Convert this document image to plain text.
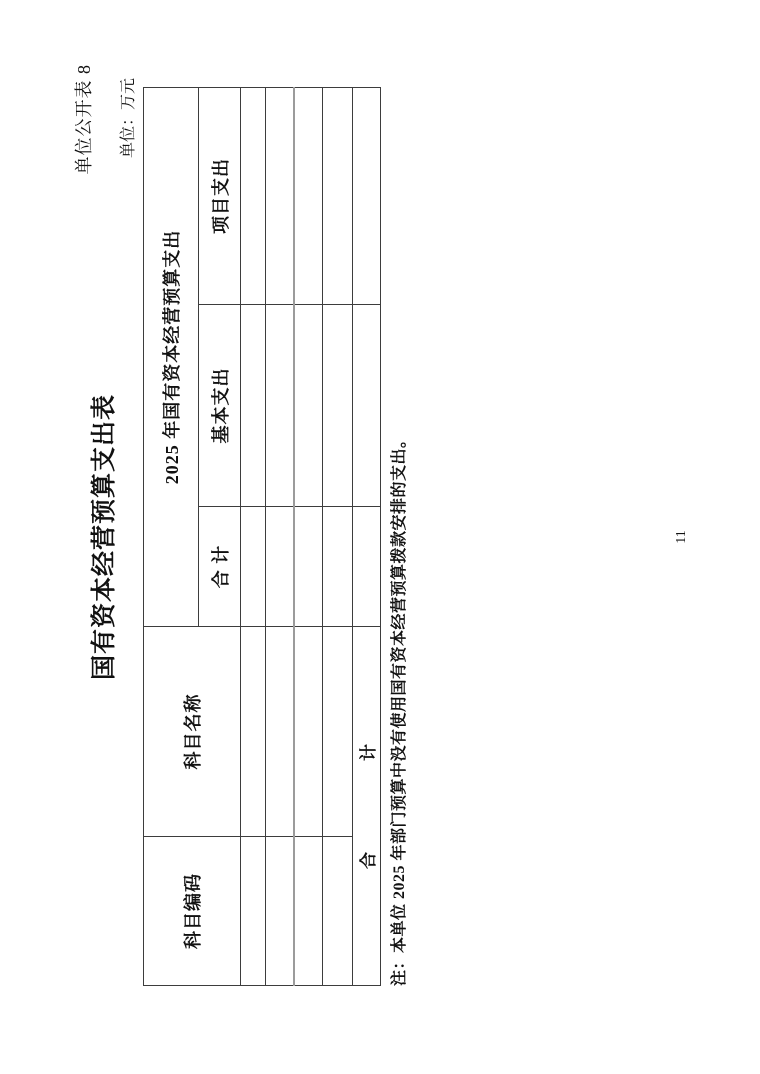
单位公开表 8
国有资本经营预算支出表
单位：万元
科目编码	科目名称	2025 年国有资本经营预算支出		
		合 计	基本支出	项目支出

合　　　　　计				注：本单位 2025 年部门预算中没有使用国有资本经营预算拨款安排的支出。	11
